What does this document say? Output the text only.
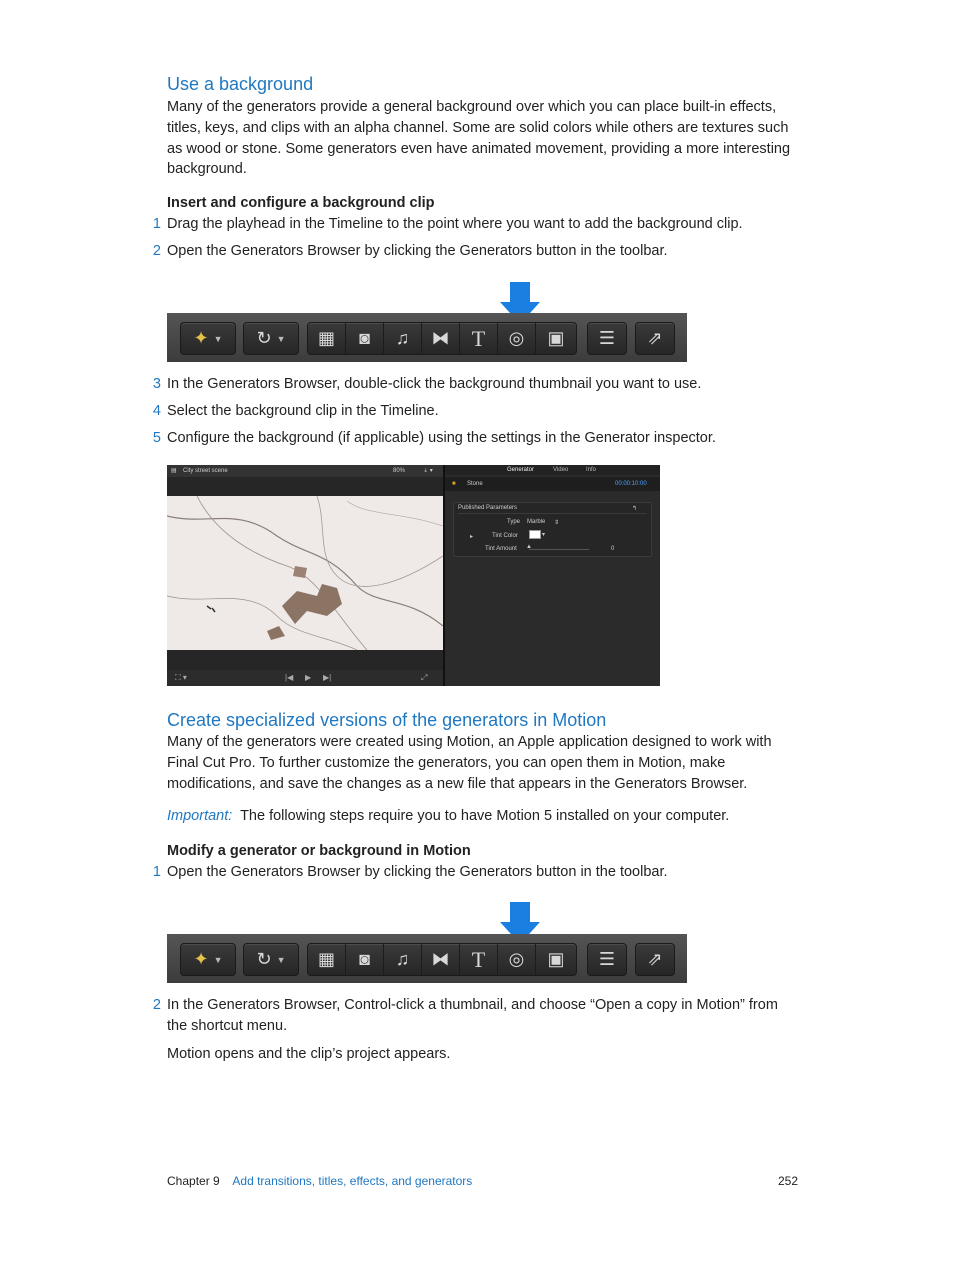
Use a background

Many of the generators provide a general background over which you can place built-in effects, titles, keys, and clips with an alpha channel. Some are solid colors while others are textures such as wood or stone. Some generators even have animated movement, providing a more interesting background.

Insert and configure a background clip
1 Drag the playhead in the Timeline to the point where you want to add the background clip.
2 Open the Generators Browser by clicking the Generators button in the toolbar.
✦ ▼ ↻ ▼ ▦ ◙ ♫ ⧓ T ◎ ▣ ☰ ⇗
3 In the Generators Browser, double-click the background thumbnail you want to use.
4 Select the background clip in the Timeline.
5 Configure the background (if applicable) using the settings in the Generator inspector.
▤ City street scene	80%	⇣ ▾
⛶ ▾	|◀ ▶ ▶|	⤢
Generator	Video	Info
■ Stone	00:00:10:00
Published Parameters	↰
Type Marble ⇕
▸	Tint Color	▾
Tint Amount ▲	0
Create specialized versions of the generators in Motion

Many of the generators were created using Motion, an Apple application designed to work with Final Cut Pro. To further customize the generators, you can open them in Motion, make modifications, and save the changes as a new file that appears in the Generators Browser.

Important: The following steps require you to have Motion 5 installed on your computer.
Modify a generator or background in Motion
1 Open the Generators Browser by clicking the Generators button in the toolbar.
✦ ▼ ↻ ▼ ▦ ◙ ♫ ⧓ T ◎ ▣ ☰ ⇗
2 In the Generators Browser, Control-click a thumbnail, and choose “Open a copy in Motion” from the shortcut menu.

Motion opens and the clip’s project appears.

Chapter 9 Add transitions, titles, effects, and generators	252
